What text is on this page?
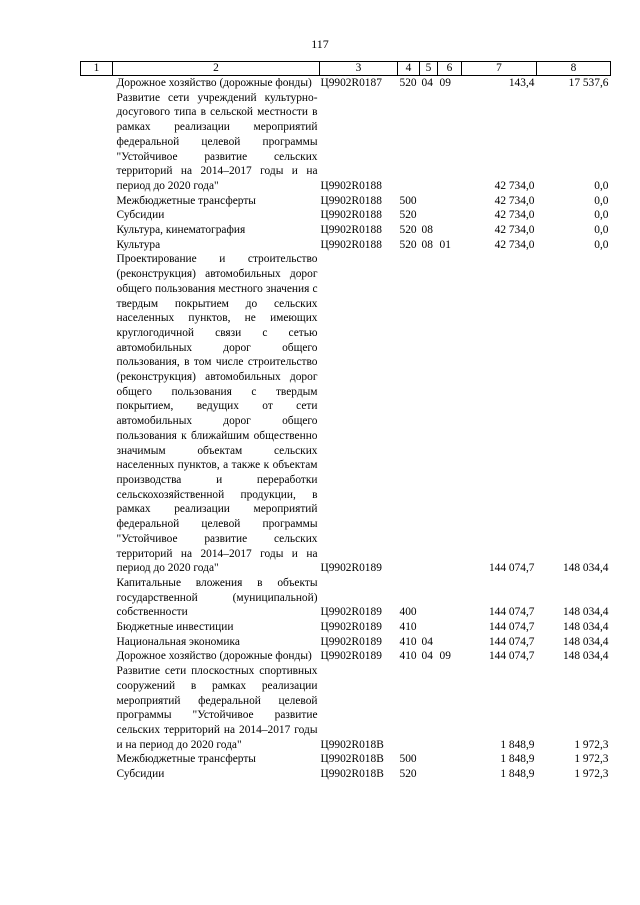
117
1	2	3	4	5	6	7	8
	Дорожное хозяйство (дорожные фонды)	Ц9902R0187	520	04	09	143,4	17 537,6
	Развитие сети учреждений культурно-досугового типа в сельской местности в рамках реализации мероприятий федеральной целевой программы "Устойчивое развитие сельских территорий на 2014–2017 годы и на период до 2020 года"	Ц9902R0188				42 734,0	0,0
	Межбюджетные трансферты	Ц9902R0188	500			42 734,0	0,0
	Субсидии	Ц9902R0188	520			42 734,0	0,0
	Культура, кинематография	Ц9902R0188	520	08		42 734,0	0,0
	Культура	Ц9902R0188	520	08	01	42 734,0	0,0
	Проектирование и строительство (реконструкция) автомобильных дорог общего пользования местного значения с твердым покрытием до сельских населенных пунктов, не имеющих круглогодичной связи с сетью автомобильных дорог общего пользования, в том числе строительство (реконструкция) автомобильных дорог общего пользования с твердым покрытием, ведущих от сети автомобильных дорог общего пользования к ближайшим общественно значимым объектам сельских населенных пунктов, а также к объектам производства и переработки сельскохозяйственной продукции, в рамках реализации мероприятий федеральной целевой программы "Устойчивое развитие сельских территорий на 2014–2017 годы и на период до 2020 года"	Ц9902R0189				144 074,7	148 034,4
	Капитальные вложения в объекты государственной (муниципальной) собственности	Ц9902R0189	400			144 074,7	148 034,4
	Бюджетные инвестиции	Ц9902R0189	410			144 074,7	148 034,4
	Национальная экономика	Ц9902R0189	410	04		144 074,7	148 034,4
	Дорожное хозяйство (дорожные фонды)	Ц9902R0189	410	04	09	144 074,7	148 034,4
	Развитие сети плоскостных спортивных сооружений в рамках реализации мероприятий федеральной целевой программы "Устойчивое развитие сельских территорий на 2014–2017 годы и на период до 2020 года"	Ц9902R018B				1 848,9	1 972,3
	Межбюджетные трансферты	Ц9902R018B	500			1 848,9	1 972,3
	Субсидии	Ц9902R018B	520			1 848,9	1 972,3
